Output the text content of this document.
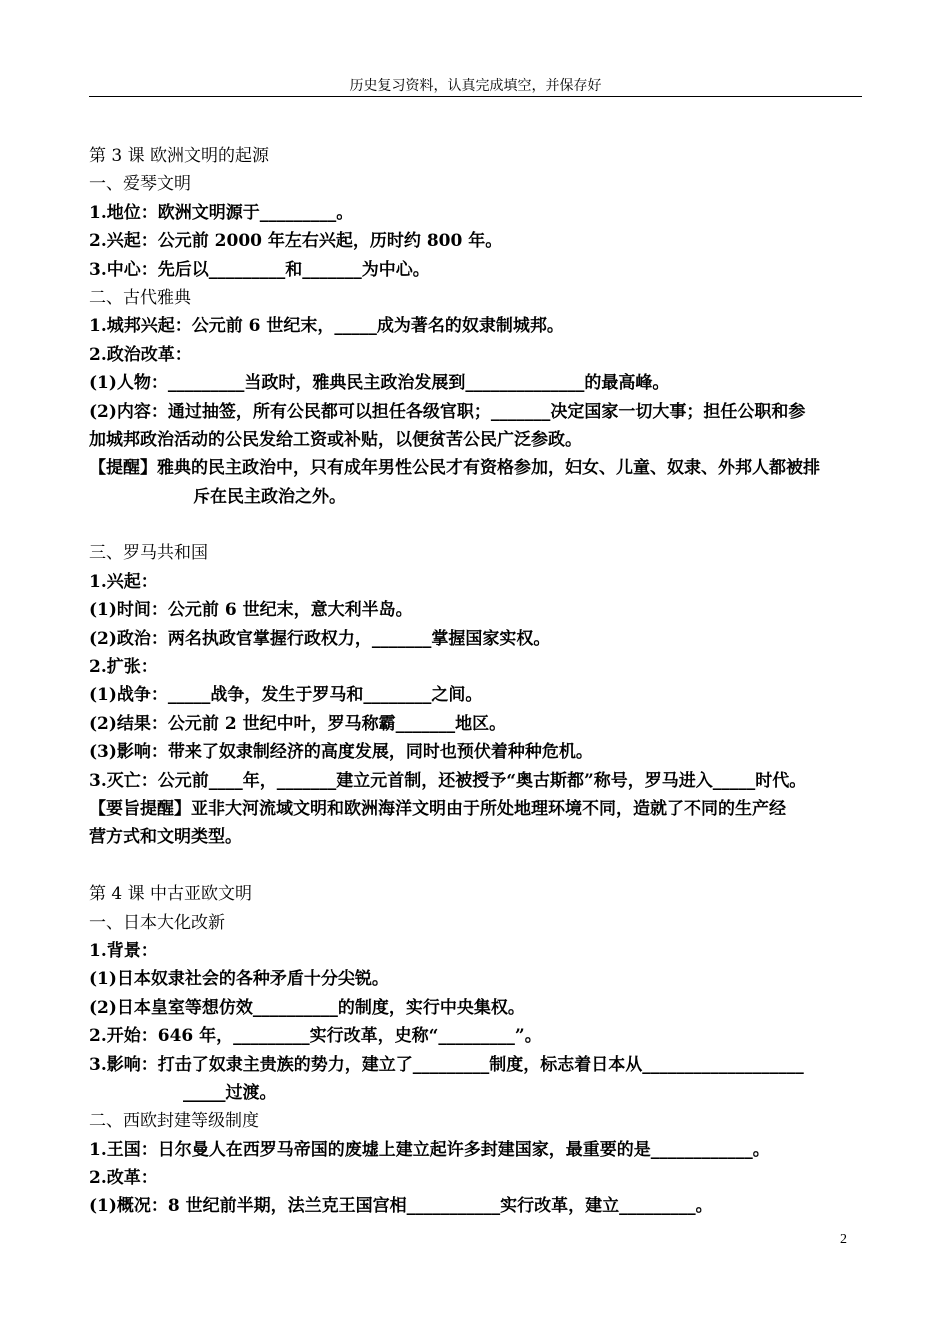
历史复习资料，认真完成填空，并保存好
第 3 课 欧洲文明的起源
一、爱琴文明
1.地位：欧洲文明源于_________。
2.兴起：公元前 2000 年左右兴起，历时约 800 年。
3.中心：先后以_________和_______为中心。
二、古代雅典
1.城邦兴起：公元前 6 世纪末，_____成为著名的奴隶制城邦。
2.政治改革：
(1)人物：_________当政时，雅典民主政治发展到______________的最高峰。
(2)内容：通过抽签，所有公民都可以担任各级官职；_______决定国家一切大事；担任公职和参
加城邦政治活动的公民发给工资或补贴，以便贫苦公民广泛参政。
【提醒】雅典的民主政治中，只有成年男性公民才有资格参加，妇女、儿童、奴隶、外邦人都被排
斥在民主政治之外。
三、罗马共和国
1.兴起：
(1)时间：公元前 6 世纪末，意大利半岛。
(2)政治：两名执政官掌握行政权力，_______掌握国家实权。
2.扩张：
(1)战争：_____战争，发生于罗马和________之间。
(2)结果：公元前 2 世纪中叶，罗马称霸_______地区。
(3)影响：带来了奴隶制经济的高度发展，同时也预伏着种种危机。
3.灭亡：公元前____年，_______建立元首制，还被授予“奥古斯都”称号，罗马进入_____时代。
【要旨提醒】亚非大河流域文明和欧洲海洋文明由于所处地理环境不同，造就了不同的生产经
营方式和文明类型。
第 4 课 中古亚欧文明
一、日本大化改新
1.背景：
(1)日本奴隶社会的各种矛盾十分尖锐。
(2)日本皇室等想仿效__________的制度，实行中央集权。
2.开始：646 年，_________实行改革，史称“_________”。
3.影响：打击了奴隶主贵族的势力，建立了_________制度，标志着日本从___________________
_____过渡。
二、西欧封建等级制度
1.王国：日尔曼人在西罗马帝国的废墟上建立起许多封建国家，最重要的是____________。
2.改革：
(1)概况：8 世纪前半期，法兰克王国宫相___________实行改革，建立_________。
2
